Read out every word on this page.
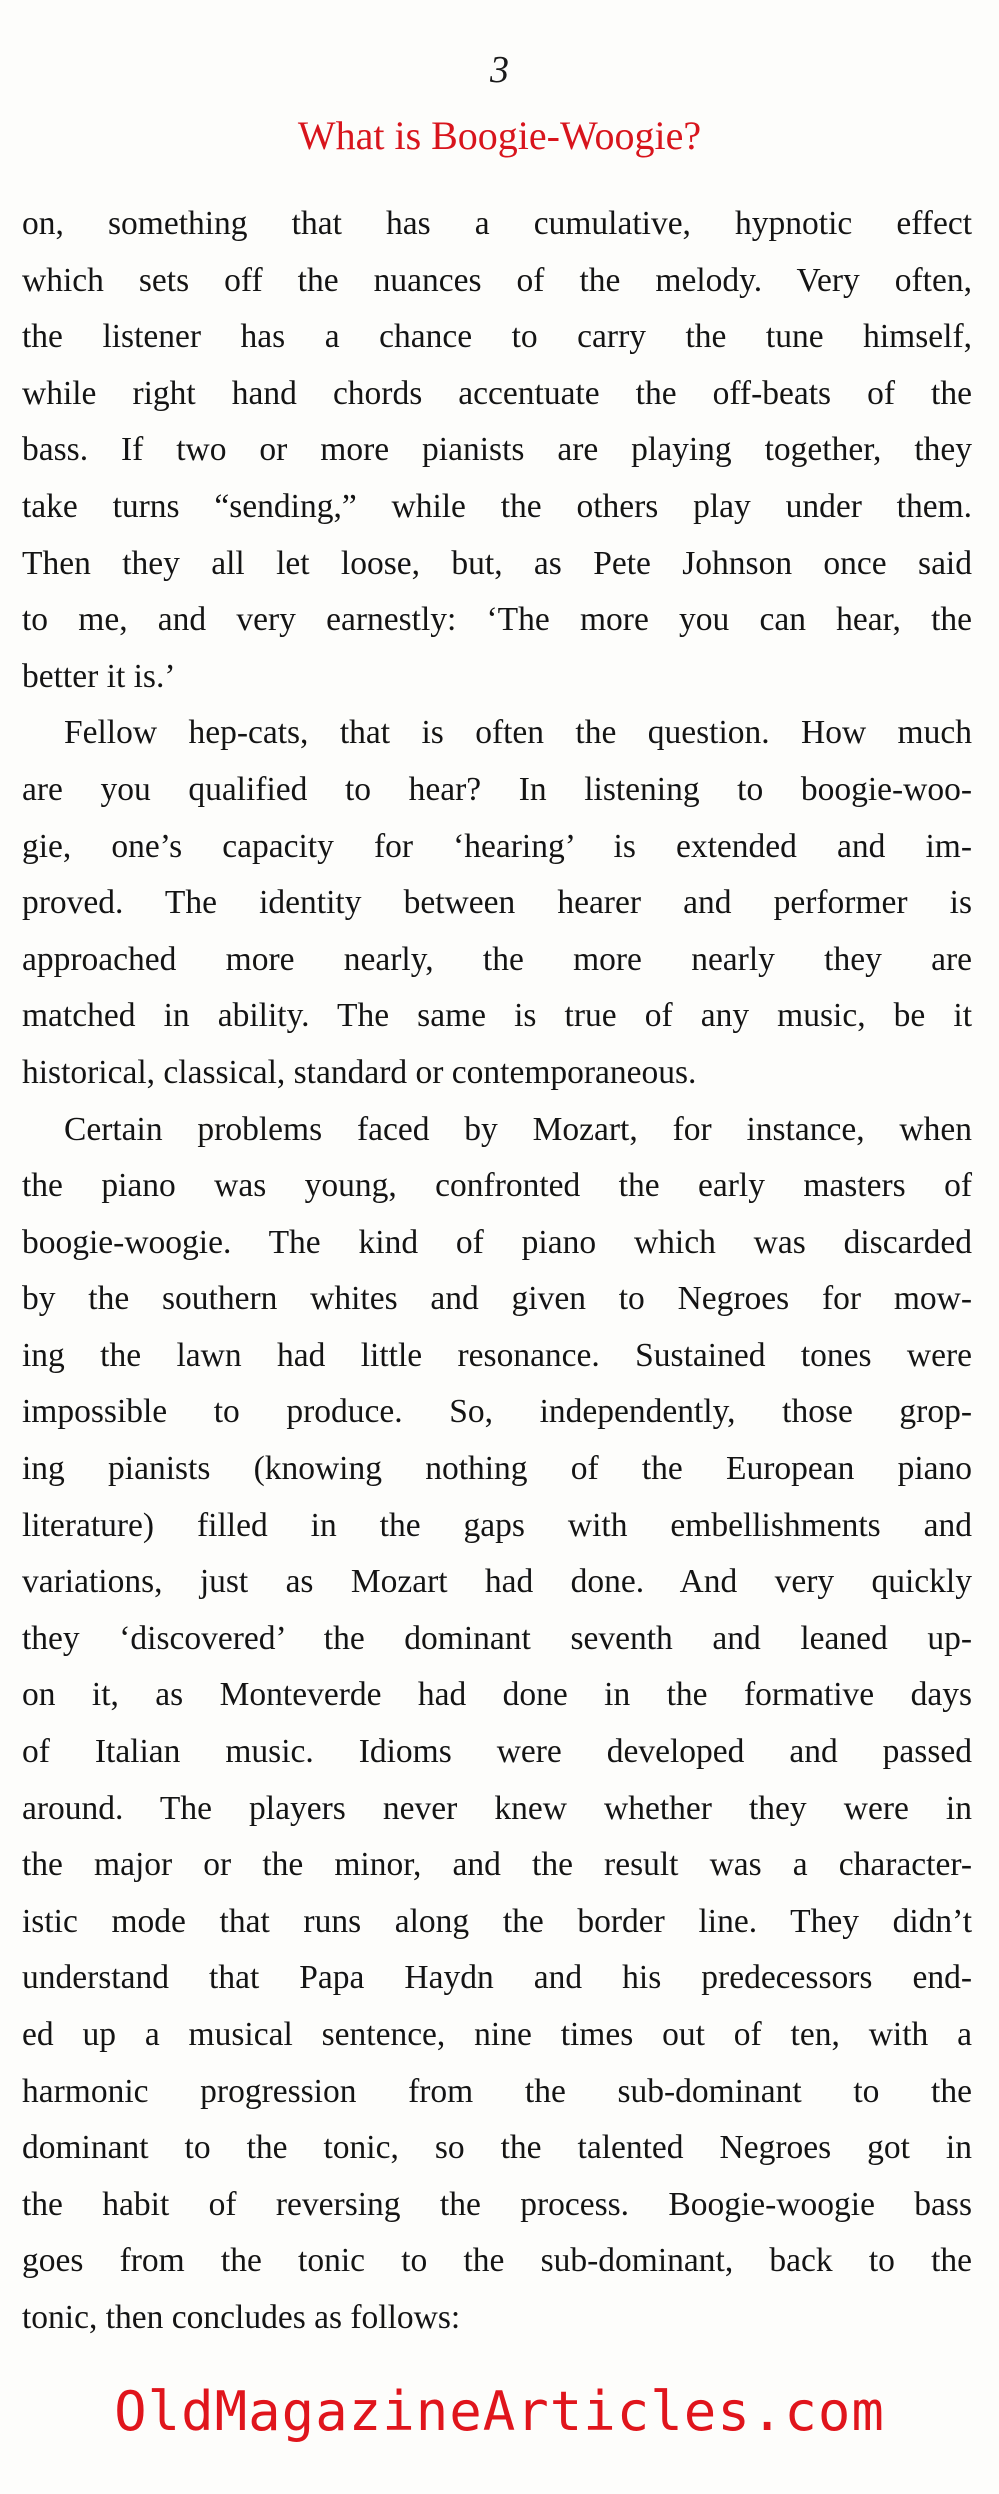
3
What is Boogie-Woogie?
on, something that has a cumulative, hypnotic effect
which sets off the nuances of the melody. Very often,
the listener has a chance to carry the tune himself,
while right hand chords accentuate the off-beats of the
bass. If two or more pianists are playing together, they
take turns “sending,” while the others play under them.
Then they all let loose, but, as Pete Johnson once said
to me, and very earnestly: ‘The more you can hear, the
better it is.’
Fellow hep-cats, that is often the question. How much
are you qualified to hear? In listening to boogie-woo-
gie, one’s capacity for ‘hearing’ is extended and im-
proved. The identity between hearer and performer is
approached more nearly, the more nearly they are
matched in ability. The same is true of any music, be it
historical, classical, standard or contemporaneous.
Certain problems faced by Mozart, for instance, when
the piano was young, confronted the early masters of
boogie-woogie. The kind of piano which was discarded
by the southern whites and given to Negroes for mow-
ing the lawn had little resonance. Sustained tones were
impossible to produce. So, independently, those grop-
ing pianists (knowing nothing of the European piano
literature) filled in the gaps with embellishments and
variations, just as Mozart had done. And very quickly
they ‘discovered’ the dominant seventh and leaned up-
on it, as Monteverde had done in the formative days
of Italian music. Idioms were developed and passed
around. The players never knew whether they were in
the major or the minor, and the result was a character-
istic mode that runs along the border line. They didn’t
understand that Papa Haydn and his predecessors end-
ed up a musical sentence, nine times out of ten, with a
harmonic progression from the sub-dominant to the
dominant to the tonic, so the talented Negroes got in
the habit of reversing the process. Boogie-woogie bass
goes from the tonic to the sub-dominant, back to the
tonic, then concludes as follows:
OldMagazineArticles.com
